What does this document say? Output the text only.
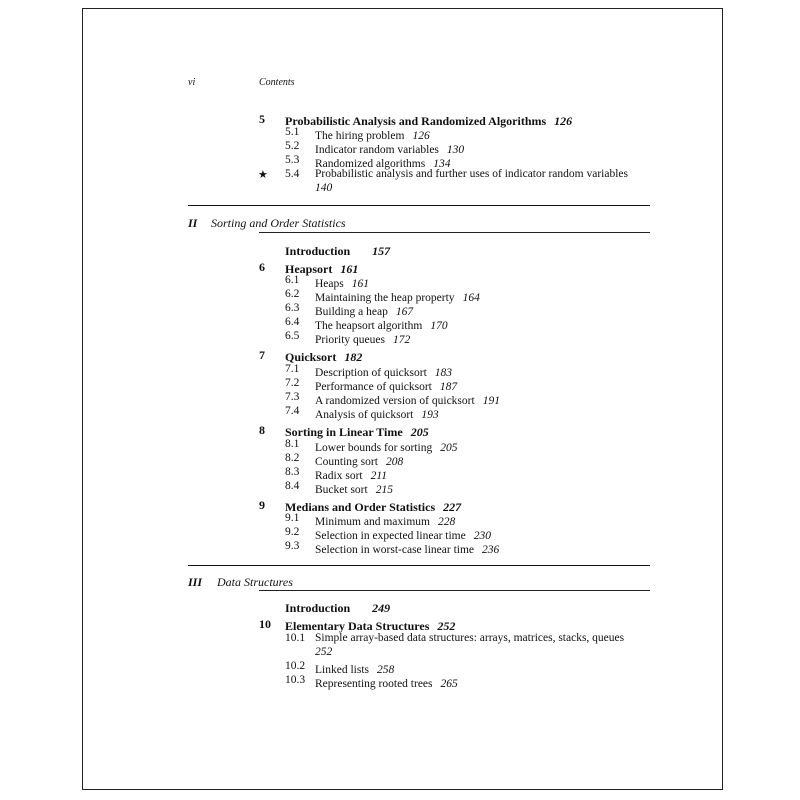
vi	Contents
5 Probabilistic Analysis and Randomized Algorithms 126
5.1 The hiring problem 126
5.2 Indicator random variables 130
5.3 Randomized algorithms 134
★ 5.4 Probabilistic analysis and further uses of indicator random variables
140
II Sorting and Order Statistics
Introduction 157
6 Heapsort 161
6.1 Heaps 161
6.2 Maintaining the heap property 164
6.3 Building a heap 167
6.4 The heapsort algorithm 170
6.5 Priority queues 172
7 Quicksort 182
7.1 Description of quicksort 183
7.2 Performance of quicksort 187
7.3 A randomized version of quicksort 191
7.4 Analysis of quicksort 193
8 Sorting in Linear Time 205
8.1 Lower bounds for sorting 205
8.2 Counting sort 208
8.3 Radix sort 211
8.4 Bucket sort 215
9 Medians and Order Statistics 227
9.1 Minimum and maximum 228
9.2 Selection in expected linear time 230
9.3 Selection in worst-case linear time 236
III Data Structures
Introduction 249
10 Elementary Data Structures 252
10.1 Simple array-based data structures: arrays, matrices, stacks, queues
252
10.2 Linked lists 258
10.3 Representing rooted trees 265
